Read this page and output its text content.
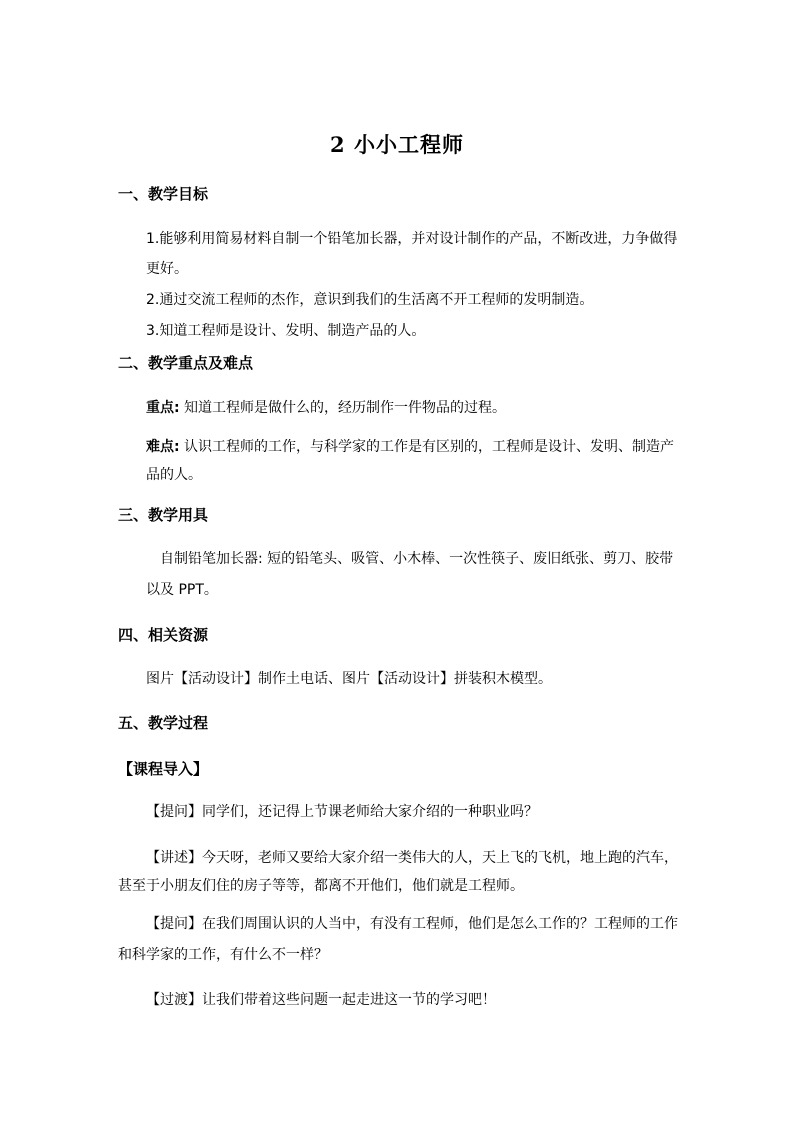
2 小小工程师
一、教学目标
1.能够利用简易材料自制一个铅笔加长器，并对设计制作的产品，不断改进，力争做得
更好。
2.通过交流工程师的杰作，意识到我们的生活离不开工程师的发明制造。
3.知道工程师是设计、发明、制造产品的人。
二、教学重点及难点
重点: 知道工程师是做什么的，经历制作一件物品的过程。
难点: 认识工程师的工作，与科学家的工作是有区别的，工程师是设计、发明、制造产
品的人。
三、教学用具
自制铅笔加长器: 短的铅笔头、吸管、小木棒、一次性筷子、废旧纸张、剪刀、胶带
以及 PPT。
四、相关资源
图片【活动设计】制作土电话、图片【活动设计】拼装积木模型。
五、教学过程
【课程导入】
【提问】同学们，还记得上节课老师给大家介绍的一种职业吗？
【讲述】今天呀，老师又要给大家介绍一类伟大的人，天上飞的飞机，地上跑的汽车，
甚至于小朋友们住的房子等等，都离不开他们，他们就是工程师。
【提问】在我们周围认识的人当中，有没有工程师，他们是怎么工作的？工程师的工作
和科学家的工作，有什么不一样？
【过渡】让我们带着这些问题一起走进这一节的学习吧！
